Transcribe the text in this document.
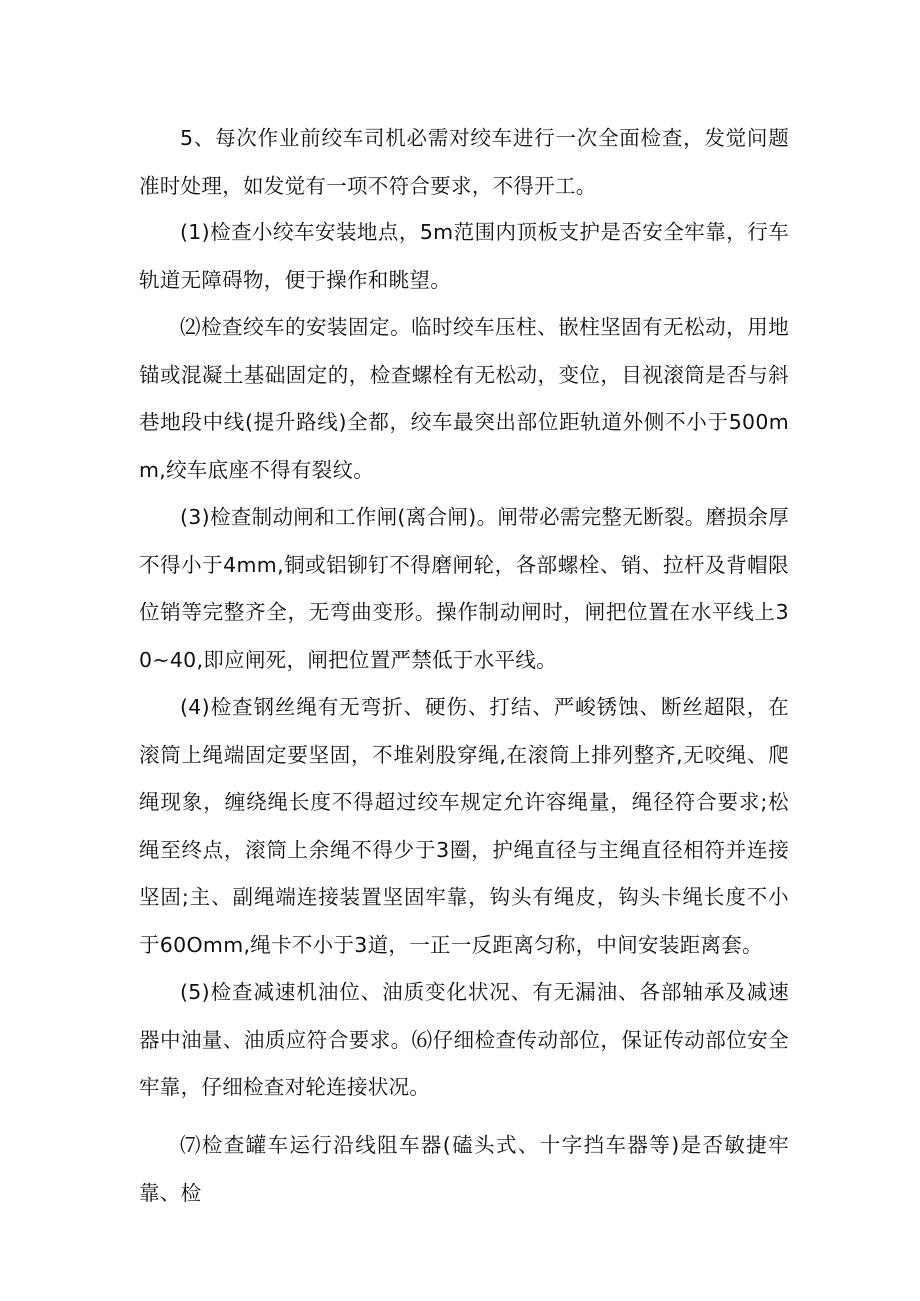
5、每次作业前绞车司机必需对绞车进行一次全面检查，发觉问题准时处理，如发觉有一项不符合要求，不得开工。

(1)检查小绞车安装地点，5m范围内顶板支护是否安全牢靠，行车轨道无障碍物，便于操作和眺望。

⑵检查绞车的安装固定。临时绞车压柱、嵌柱坚固有无松动，用地锚或混凝土基础固定的，检查螺栓有无松动，变位，目视滚筒是否与斜巷地段中线(提升路线)全都，绞车最突出部位距轨道外侧不小于500mm,绞车底座不得有裂纹。

(3)检查制动闸和工作闸(离合闸)。闸带必需完整无断裂。磨损余厚不得小于4mm,铜或铝铆钉不得磨闸轮，各部螺栓、销、拉杆及背帽限位销等完整齐全，无弯曲变形。操作制动闸时，闸把位置在水平线上30~40,即应闸死，闸把位置严禁低于水平线。

(4)检查钢丝绳有无弯折、硬伤、打结、严峻锈蚀、断丝超限，在滚筒上绳端固定要坚固，不堆剁股穿绳,在滚筒上排列整齐,无咬绳、爬绳现象，缠绕绳长度不得超过绞车规定允许容绳量，绳径符合要求;松绳至终点，滚筒上余绳不得少于3圈，护绳直径与主绳直径相符并连接坚固;主、副绳端连接装置坚固牢靠，钩头有绳皮，钩头卡绳长度不小于60Omm,绳卡不小于3道，一正一反距离匀称，中间安装距离套。

(5)检查减速机油位、油质变化状况、有无漏油、各部轴承及减速器中油量、油质应符合要求。⑹仔细检查传动部位，保证传动部位安全牢靠，仔细检查对轮连接状况。

⑺检查罐车运行沿线阻车器(磕头式、十字挡车器等)是否敏捷牢靠、检
